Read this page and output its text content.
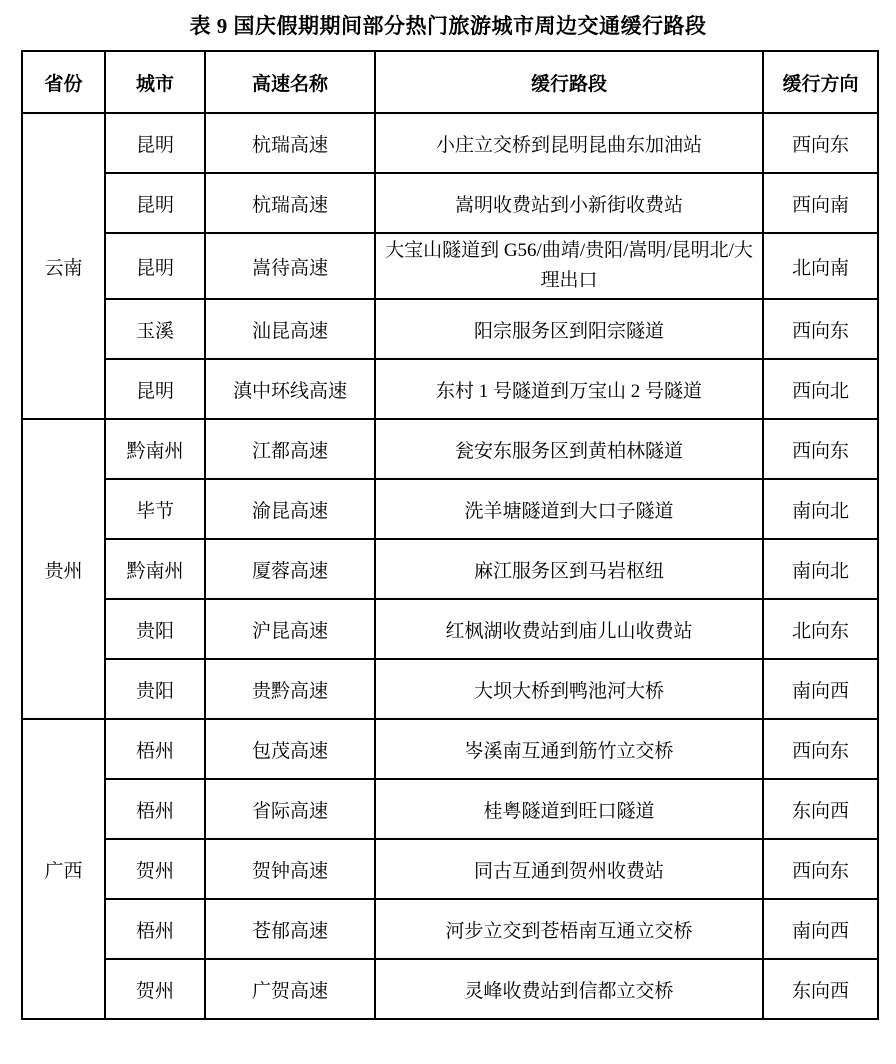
表 9 国庆假期期间部分热门旅游城市周边交通缓行路段
省份	城市	高速名称	缓行路段	缓行方向
云南	昆明	杭瑞高速	小庄立交桥到昆明昆曲东加油站	西向东
	昆明	杭瑞高速	嵩明收费站到小新街收费站	西向南
	昆明	嵩待高速	大宝山隧道到 G56/曲靖/贵阳/嵩明/昆明北/大理出口	北向南
	玉溪	汕昆高速	阳宗服务区到阳宗隧道	西向东
	昆明	滇中环线高速	东村 1 号隧道到万宝山 2 号隧道	西向北
贵州	黔南州	江都高速	瓮安东服务区到黄柏林隧道	西向东
	毕节	渝昆高速	洗羊塘隧道到大口子隧道	南向北
	黔南州	厦蓉高速	麻江服务区到马岩枢纽	南向北
	贵阳	沪昆高速	红枫湖收费站到庙儿山收费站	北向东
	贵阳	贵黔高速	大坝大桥到鸭池河大桥	南向西
广西	梧州	包茂高速	岑溪南互通到筋竹立交桥	西向东
	梧州	省际高速	桂粤隧道到旺口隧道	东向西
	贺州	贺钟高速	同古互通到贺州收费站	西向东
	梧州	苍郁高速	河步立交到苍梧南互通立交桥	南向西
	贺州	广贺高速	灵峰收费站到信都立交桥	东向西
